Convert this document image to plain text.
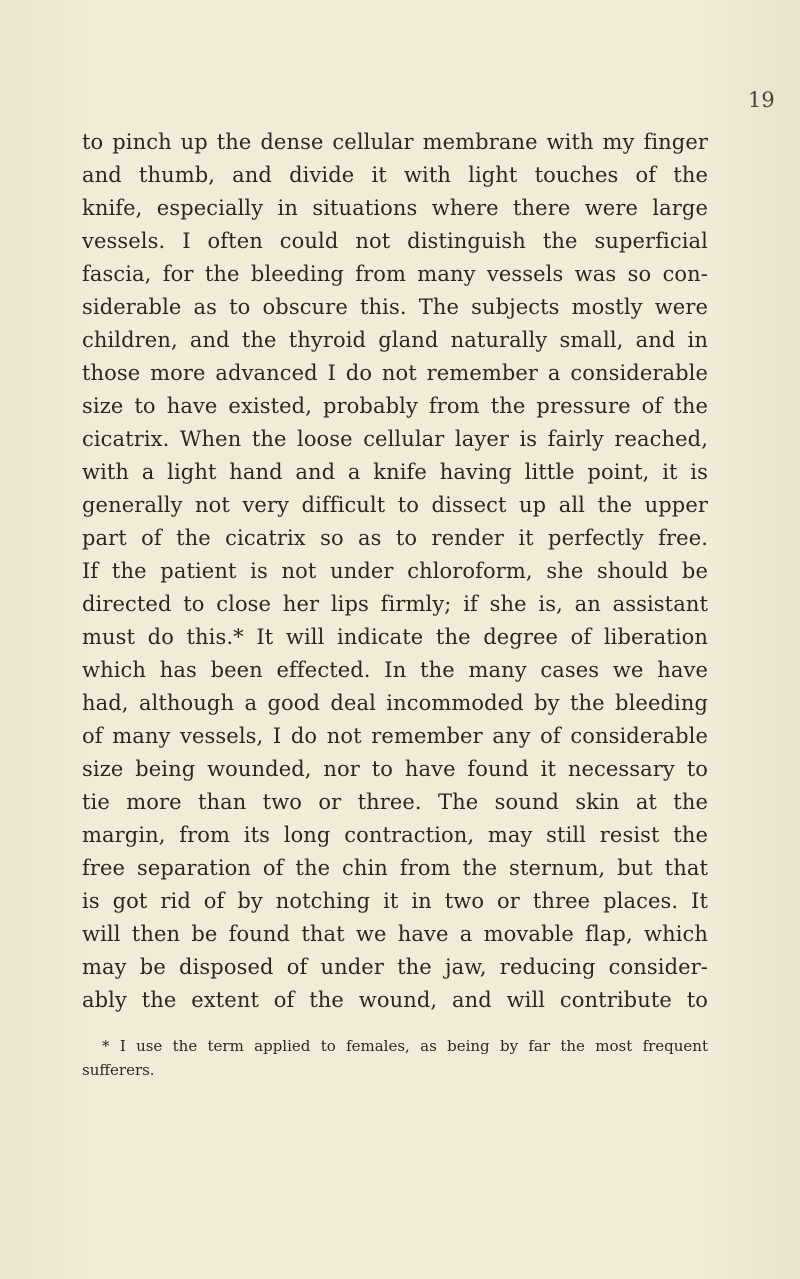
19
to pinch up the dense cellular membrane with my finger
and thumb, and divide it with light touches of the
knife, especially in situations where there were large
vessels. I often could not distinguish the superficial
fascia, for the bleeding from many vessels was so con-
siderable as to obscure this. The subjects mostly were
children, and the thyroid gland naturally small, and in
those more advanced I do not remember a considerable
size to have existed, probably from the pressure of the
cicatrix. When the loose cellular layer is fairly reached,
with a light hand and a knife having little point, it is
generally not very difficult to dissect up all the upper
part of the cicatrix so as to render it perfectly free.
If the patient is not under chloroform, she should be
directed to close her lips firmly; if she is, an assistant
must do this.* It will indicate the degree of liberation
which has been effected. In the many cases we have
had, although a good deal incommoded by the bleeding
of many vessels, I do not remember any of considerable
size being wounded, nor to have found it necessary to
tie more than two or three. The sound skin at the
margin, from its long contraction, may still resist the
free separation of the chin from the sternum, but that
is got rid of by notching it in two or three places. It
will then be found that we have a movable flap, which
may be disposed of under the jaw, reducing consider-
ably the extent of the wound, and will contribute to
* I use the term applied to females, as being by far the most frequent
sufferers.
